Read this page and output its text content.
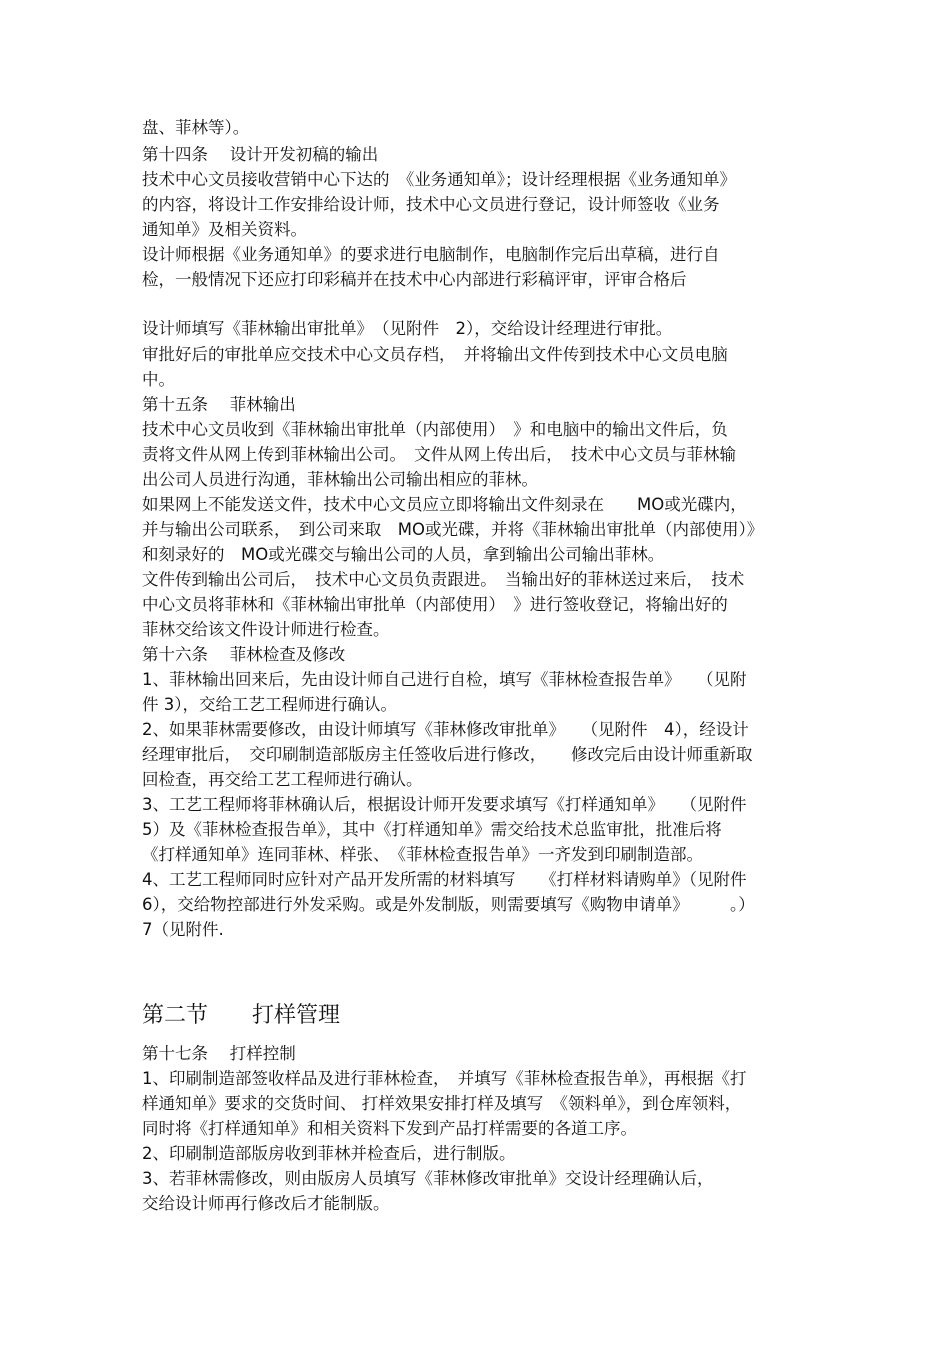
盘、菲林等）。
第十四条　 设计开发初稿的输出
技术中心文员接收营销中心下达的　《业务通知单》；设计经理根据《业务通知单》
的内容，将设计工作安排给设计师，技术中心文员进行登记，设计师签收《业务
通知单》及相关资料。
设计师根据《业务通知单》的要求进行电脑制作，电脑制作完后出草稿，进行自
检，一般情况下还应打印彩稿并在技术中心内部进行彩稿评审，评审合格后
设计师填写《菲林输出审批单》　（见附件　2），交给设计经理进行审批。
审批好后的审批单应交技术中心文员存档，　并将输出文件传到技术中心文员电脑
中。
第十五条　 菲林输出
技术中心文员收到《菲林输出审批单（内部使用）　》和电脑中的输出文件后，负
责将文件从网上传到菲林输出公司。　文件从网上传出后，　技术中心文员与菲林输
出公司人员进行沟通，菲林输出公司输出相应的菲林。
如果网上不能发送文件，技术中心文员应立即将输出文件刻录在　　MO或光碟内，
并与输出公司联系，　到公司来取　MO或光碟，并将《菲林输出审批单（内部使用）》
和刻录好的　MO或光碟交与输出公司的人员，拿到输出公司输出菲林。
文件传到输出公司后，　技术中心文员负责跟进。　当输出好的菲林送过来后，　技术
中心文员将菲林和《菲林输出审批单（内部使用）　》进行签收登记，将输出好的
菲林交给该文件设计师进行检查。
第十六条　 菲林检查及修改
1、菲林输出回来后，先由设计师自己进行自检，填写《菲林检查报告单》　　（见附
件 3），交给工艺工程师进行确认。
2、如果菲林需要修改，由设计师填写《菲林修改审批单》　　（见附件　4），经设计
经理审批后，　交印刷制造部版房主任签收后进行修改，　　修改完后由设计师重新取
回检查，再交给工艺工程师进行确认。
3、工艺工程师将菲林确认后，根据设计师开发要求填写《打样通知单》　　（见附件
5）及《菲林检查报告单》，其中《打样通知单》需交给技术总监审批，批准后将
《打样通知单》连同菲林、样张、　《菲林检查报告单》一齐发到印刷制造部。
4、工艺工程师同时应针对产品开发所需的材料填写　　《打样材料请购单》（见附件
6），交给物控部进行外发采购。或是外发制版，则需要填写《购物申请单》　　　。）
7（见附件.
第二节　　打样管理
第十七条　 打样控制
1、印刷制造部签收样品及进行菲林检查，　并填写《菲林检查报告单》，再根据《打
样通知单》要求的交货时间、 打样效果安排打样及填写　《领料单》，到仓库领料，
同时将《打样通知单》和相关资料下发到产品打样需要的各道工序。
2、印刷制造部版房收到菲林并检查后，进行制版。
3、若菲林需修改，则由版房人员填写《菲林修改审批单》交设计经理确认后，
交给设计师再行修改后才能制版。
